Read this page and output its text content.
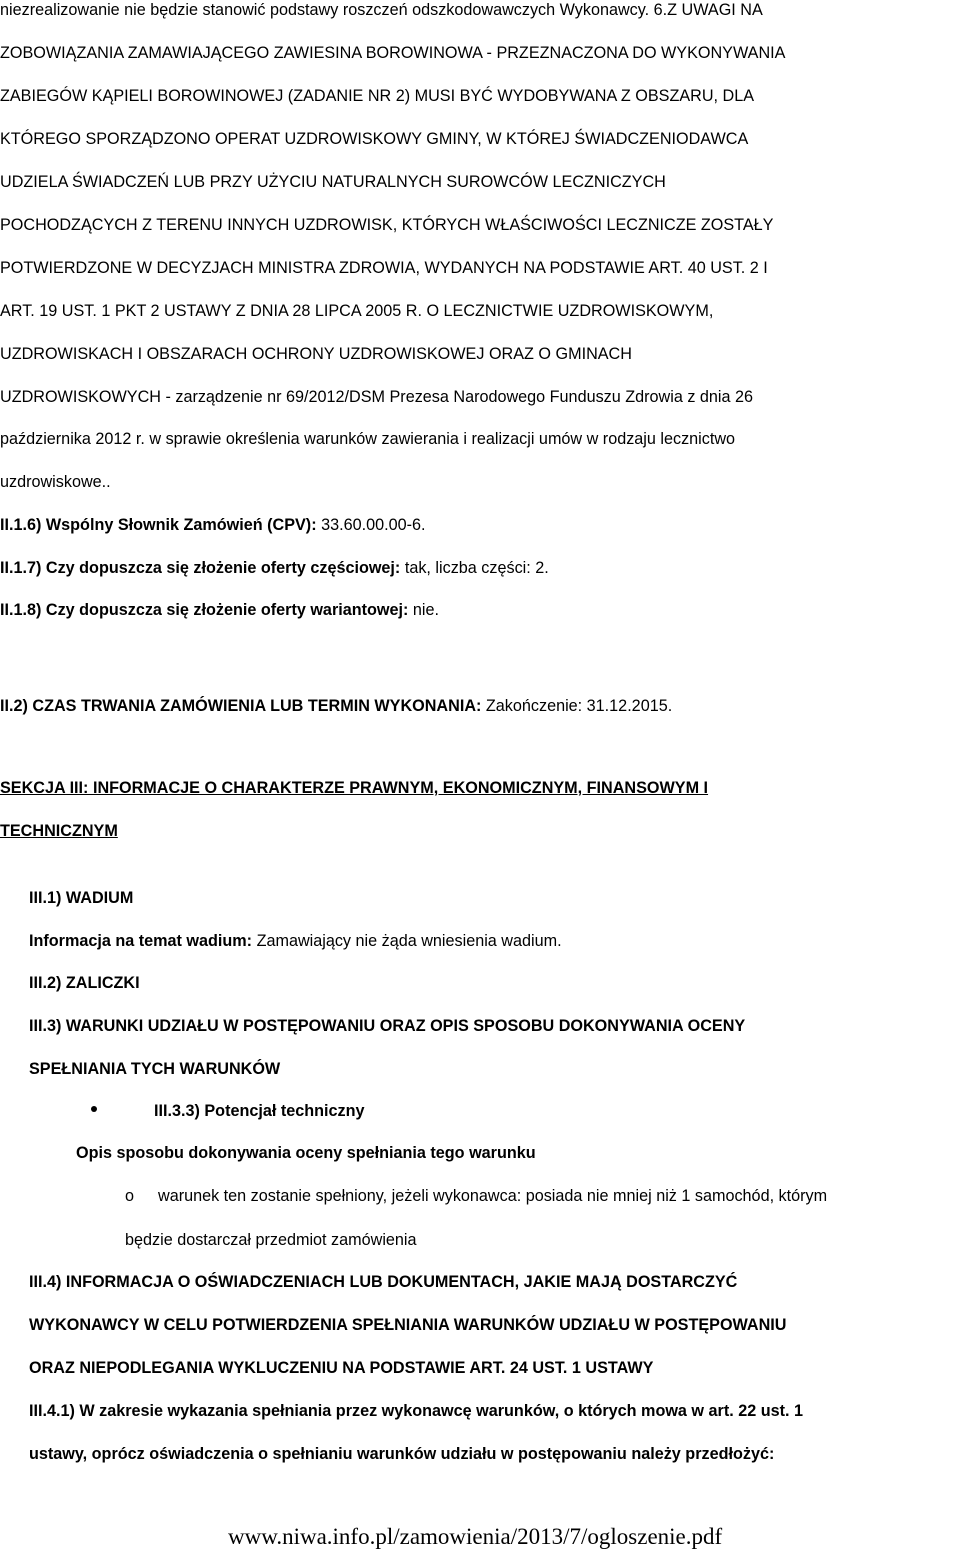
niezrealizowanie nie będzie stanowić podstawy roszczeń odszkodowawczych Wykonawcy. 6.Z UWAGI NA
ZOBOWIĄZANIA ZAMAWIAJĄCEGO ZAWIESINA BOROWINOWA - PRZEZNACZONA DO WYKONYWANIA
ZABIEGÓW KĄPIELI BOROWINOWEJ (ZADANIE NR 2) MUSI BYĆ WYDOBYWANA Z OBSZARU, DLA
KTÓREGO SPORZĄDZONO OPERAT UZDROWISKOWY GMINY, W KTÓREJ ŚWIADCZENIODAWCA
UDZIELA ŚWIADCZEŃ LUB PRZY UŻYCIU NATURALNYCH SUROWCÓW LECZNICZYCH
POCHODZĄCYCH Z TERENU INNYCH UZDROWISK, KTÓRYCH WŁAŚCIWOŚCI LECZNICZE ZOSTAŁY
POTWIERDZONE W DECYZJACH MINISTRA ZDROWIA, WYDANYCH NA PODSTAWIE ART. 40 UST. 2 I
ART. 19 UST. 1 PKT 2 USTAWY Z DNIA 28 LIPCA 2005 R. O LECZNICTWIE UZDROWISKOWYM,
UZDROWISKACH I OBSZARACH OCHRONY UZDROWISKOWEJ ORAZ O GMINACH
UZDROWISKOWYCH - zarządzenie nr 69/2012/DSM Prezesa Narodowego Funduszu Zdrowia z dnia 26
października 2012 r. w sprawie określenia warunków zawierania i realizacji umów w rodzaju lecznictwo
uzdrowiskowe..
II.1.6) Wspólny Słownik Zamówień (CPV): 33.60.00.00-6.
II.1.7) Czy dopuszcza się złożenie oferty częściowej: tak, liczba części: 2.
II.1.8) Czy dopuszcza się złożenie oferty wariantowej: nie.
II.2) CZAS TRWANIA ZAMÓWIENIA LUB TERMIN WYKONANIA: Zakończenie: 31.12.2015.
SEKCJA III: INFORMACJE O CHARAKTERZE PRAWNYM, EKONOMICZNYM, FINANSOWYM I
TECHNICZNYM
III.1) WADIUM
Informacja na temat wadium: Zamawiający nie żąda wniesienia wadium.
III.2) ZALICZKI
III.3) WARUNKI UDZIAŁU W POSTĘPOWANIU ORAZ OPIS SPOSOBU DOKONYWANIA OCENY
SPEŁNIANIA TYCH WARUNKÓW
III.3.3) Potencjał techniczny
Opis sposobu dokonywania oceny spełniania tego warunku
o warunek ten zostanie spełniony, jeżeli wykonawca: posiada nie mniej niż 1 samochód, którym
będzie dostarczał przedmiot zamówienia
III.4) INFORMACJA O OŚWIADCZENIACH LUB DOKUMENTACH, JAKIE MAJĄ DOSTARCZYĆ
WYKONAWCY W CELU POTWIERDZENIA SPEŁNIANIA WARUNKÓW UDZIAŁU W POSTĘPOWANIU
ORAZ NIEPODLEGANIA WYKLUCZENIU NA PODSTAWIE ART. 24 UST. 1 USTAWY
III.4.1) W zakresie wykazania spełniania przez wykonawcę warunków, o których mowa w art. 22 ust. 1
ustawy, oprócz oświadczenia o spełnianiu warunków udziału w postępowaniu należy przedłożyć:
www.niwa.info.pl/zamowienia/2013/7/ogloszenie.pdf
